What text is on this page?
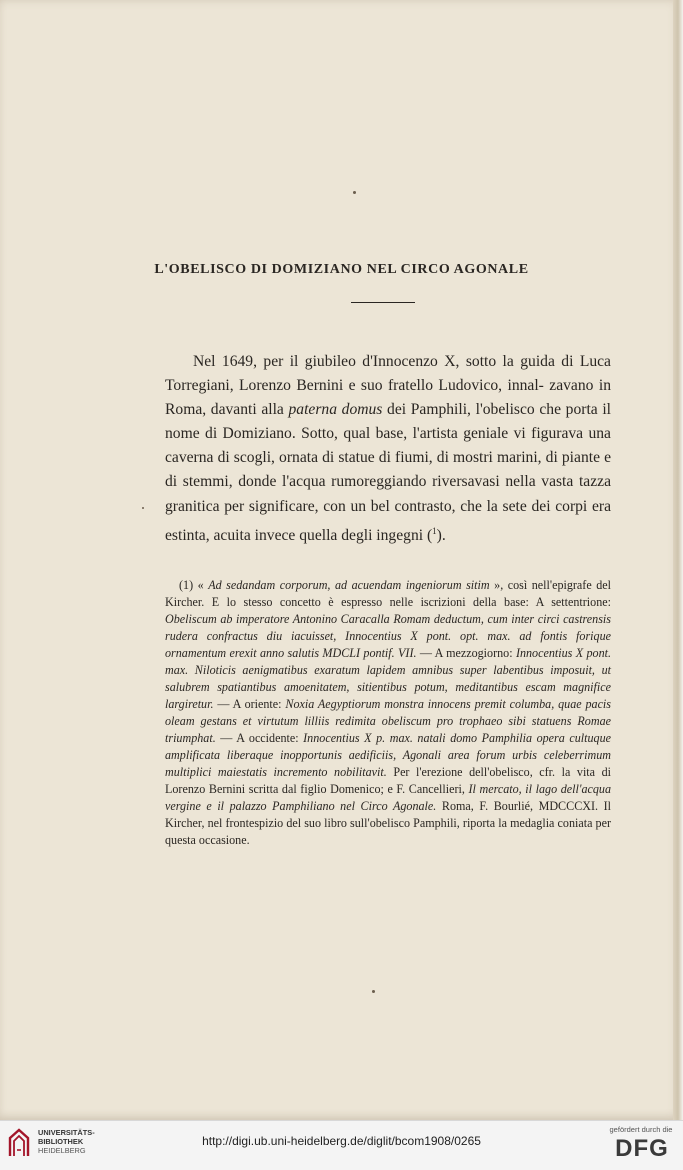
L'OBELISCO DI DOMIZIANO NEL CIRCO AGONALE

Nel 1649, per il giubileo d'Innocenzo X, sotto la guida di Luca Torregiani, Lorenzo Bernini e suo fratello Ludovico, innal- zavano in Roma, davanti alla paterna domus dei Pamphili, l'obelisco che porta il nome di Domiziano. Sotto, qual base, l'artista geniale vi figurava una caverna di scogli, ornata di statue di fiumi, di mostri marini, di piante e di stemmi, donde l'acqua rumoreggiando riversavasi nella vasta tazza granitica per significare, con un bel contrasto, che la sete dei corpi era estinta, acuita invece quella degli ingegni ($^1$).

(1) « Ad sedandam corporum, ad acuendam ingeniorum sitim », così nell'epigrafe del Kircher. E lo stesso concetto è espresso nelle iscrizioni della base: A settentrione: Obeliscum ab imperatore Antonino Caracalla Romam deductum, cum inter circi castrensis rudera confractus diu iacuisset, Innocentius X pont. opt. max. ad fontis forique ornamentum erexit anno salutis MDCLI pontif. VII. — A mezzogiorno: Innocentius X pont. max. Niloticis aenigmatibus exaratum lapidem amnibus super labentibus imposuit, ut salubrem spatiantibus amoenitatem, sitientibus potum, meditantibus escam magnifice largiretur. — A oriente: Noxia Aegyptiorum monstra innocens premit columba, quae pacis oleam gestans et virtutum lilliis redimita obeliscum pro trophaeo sibi statuens Romae triumphat. — A occidente: Innocentius X p. max. natali domo Pamphilia opera cultuque amplificata liberaque inopportunis aedificiis, Agonali area forum urbis celeberrimum multiplici maiestatis incremento nobilitavit. Per l'erezione dell'obelisco, cfr. la vita di Lorenzo Bernini scritta dal figlio Domenico; e F. Cancellieri, Il mercato, il lago dell'acqua vergine e il palazzo Pamphiliano nel Circo Agonale. Roma, F. Bourlié, MDCCCXI. Il Kircher, nel frontespizio del suo libro sull'obelisco Pamphili, riporta la medaglia coniata per questa occasione.

UNIVERSITÄTS-
BIBLIOTHEK
HEIDELBERG
http://digi.ub.uni-heidelberg.de/diglit/bcom1908/0265
gefördert durch die
DFG
